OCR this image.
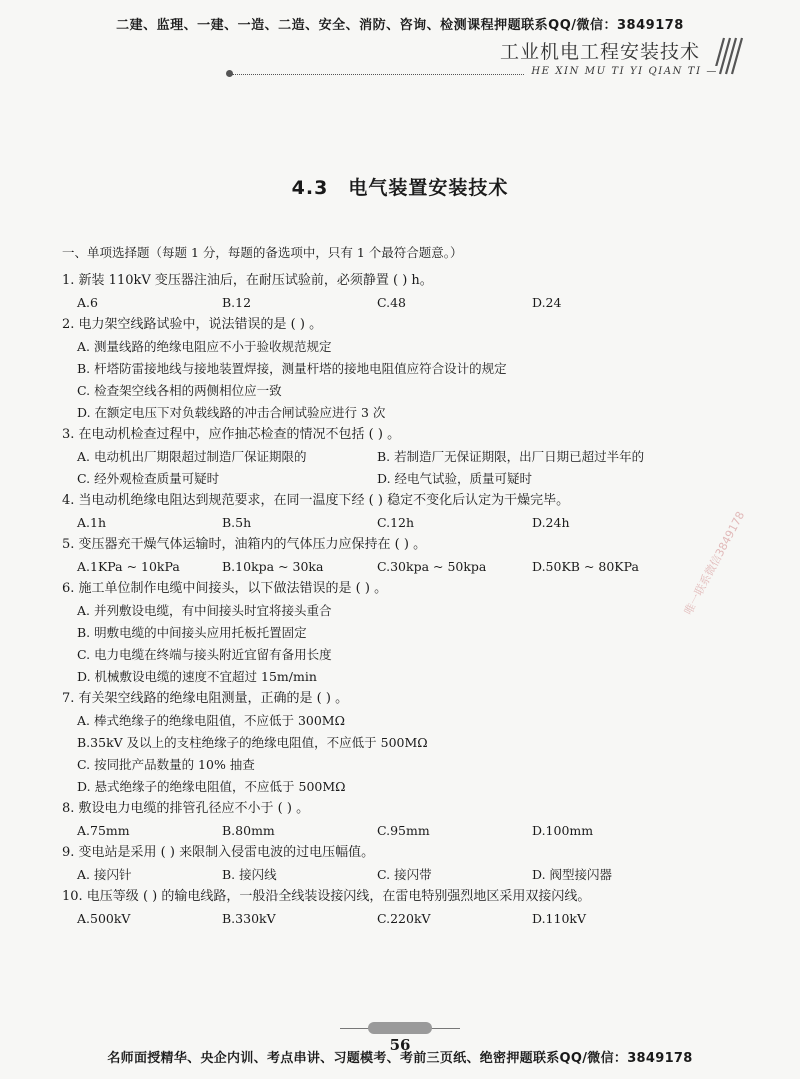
二建、监理、一建、一造、二造、安全、消防、咨询、检测课程押题联系QQ/微信：3849178
工业机电工程安装技术
HE XIN MU TI YI QIAN TI —
4.3　电气装置安装技术
一、单项选择题（每题 1 分，每题的备选项中，只有 1 个最符合题意。）
1. 新装 110kV 变压器注油后，在耐压试验前，必须静置 ( ) h。
A.6	B.12	C.48	D.24
2. 电力架空线路试验中，说法错误的是 ( ) 。
A. 测量线路的绝缘电阻应不小于验收规范规定
B. 杆塔防雷接地线与接地装置焊接，测量杆塔的接地电阻值应符合设计的规定
C. 检查架空线各相的两侧相位应一致
D. 在额定电压下对负载线路的冲击合闸试验应进行 3 次
3. 在电动机检查过程中，应作抽芯检查的情况不包括 ( ) 。
A. 电动机出厂期限超过制造厂保证期限的	B. 若制造厂无保证期限，出厂日期已超过半年的
C. 经外观检查质量可疑时	D. 经电气试验，质量可疑时
4. 当电动机绝缘电阻达到规范要求，在同一温度下经 ( ) 稳定不变化后认定为干燥完毕。
A.1h	B.5h	C.12h	D.24h
5. 变压器充干燥气体运输时，油箱内的气体压力应保持在 ( ) 。
A.1KPa ~ 10kPa	B.10kpa ~ 30ka	C.30kpa ~ 50kpa	D.50KB ~ 80KPa
6. 施工单位制作电缆中间接头，以下做法错误的是 ( ) 。
A. 并列敷设电缆，有中间接头时宜将接头重合
B. 明敷电缆的中间接头应用托板托置固定
C. 电力电缆在终端与接头附近宜留有备用长度
D. 机械敷设电缆的速度不宜超过 15m/min
7. 有关架空线路的绝缘电阻测量，正确的是 ( ) 。
A. 棒式绝缘子的绝缘电阻值，不应低于 300MΩ
B.35kV 及以上的支柱绝缘子的绝缘电阻值，不应低于 500MΩ
C. 按同批产品数量的 10% 抽查
D. 悬式绝缘子的绝缘电阻值，不应低于 500MΩ
8. 敷设电力电缆的排管孔径应不小于 ( ) 。
A.75mm	B.80mm	C.95mm	D.100mm
9. 变电站是采用 ( ) 来限制入侵雷电波的过电压幅值。
A. 接闪针	B. 接闪线	C. 接闪带	D. 阀型接闪器
10. 电压等级 ( ) 的输电线路，一般沿全线装设接闪线，在雷电特别强烈地区采用双接闪线。
A.500kV	B.330kV	C.220kV	D.110kV
唯一联系微信3849178
56
名师面授精华、央企内训、考点串讲、习题模考、考前三页纸、绝密押题联系QQ/微信：3849178
